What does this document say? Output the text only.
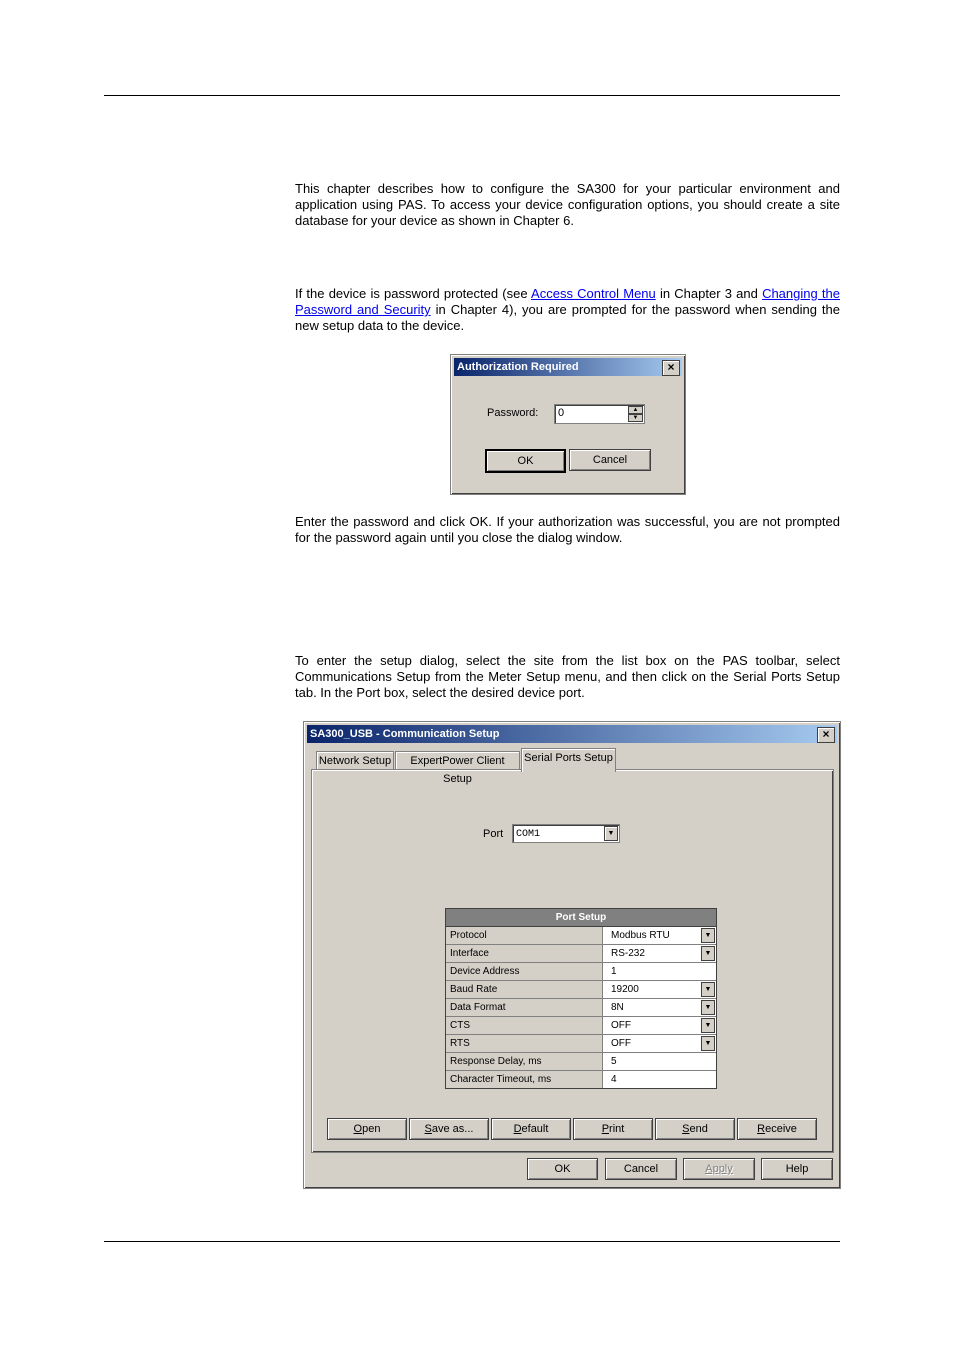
This chapter describes how to configure the SA300 for your particular environment and application using PAS. To access your device configuration options, you should create a site database for your device as shown in Chapter 6.
If the device is password protected (see Access Control Menu in Chapter 3 and Changing the Password and Security in Chapter 4), you are prompted for the password when sending the new setup data to the device.
Authorization Required	×
Password:	0	▲
▼
OK	Cancel
Enter the password and click OK. If your authorization was successful, you are not prompted for the password again until you close the dialog window.
To enter the setup dialog, select the site from the list box on the PAS toolbar, select Communications Setup from the Meter Setup menu, and then click on the Serial Ports Setup tab. In the Port box, select the desired device port.
SA300_USB - Communication Setup	×
Network Setup	ExpertPower Client Setup
Serial Ports Setup
Port	COM1	▼
Port Setup
Protocol	Modbus RTU	▼
Interface	RS-232	▼
Device Address	1
Baud Rate	19200	▼
Data Format	8N	▼
CTS	OFF	▼
RTS	OFF	▼
Response Delay, ms	5
Character Timeout, ms	4
Open	Save as...	Default	Print	Send	Receive
OK	Cancel	Apply	Help
